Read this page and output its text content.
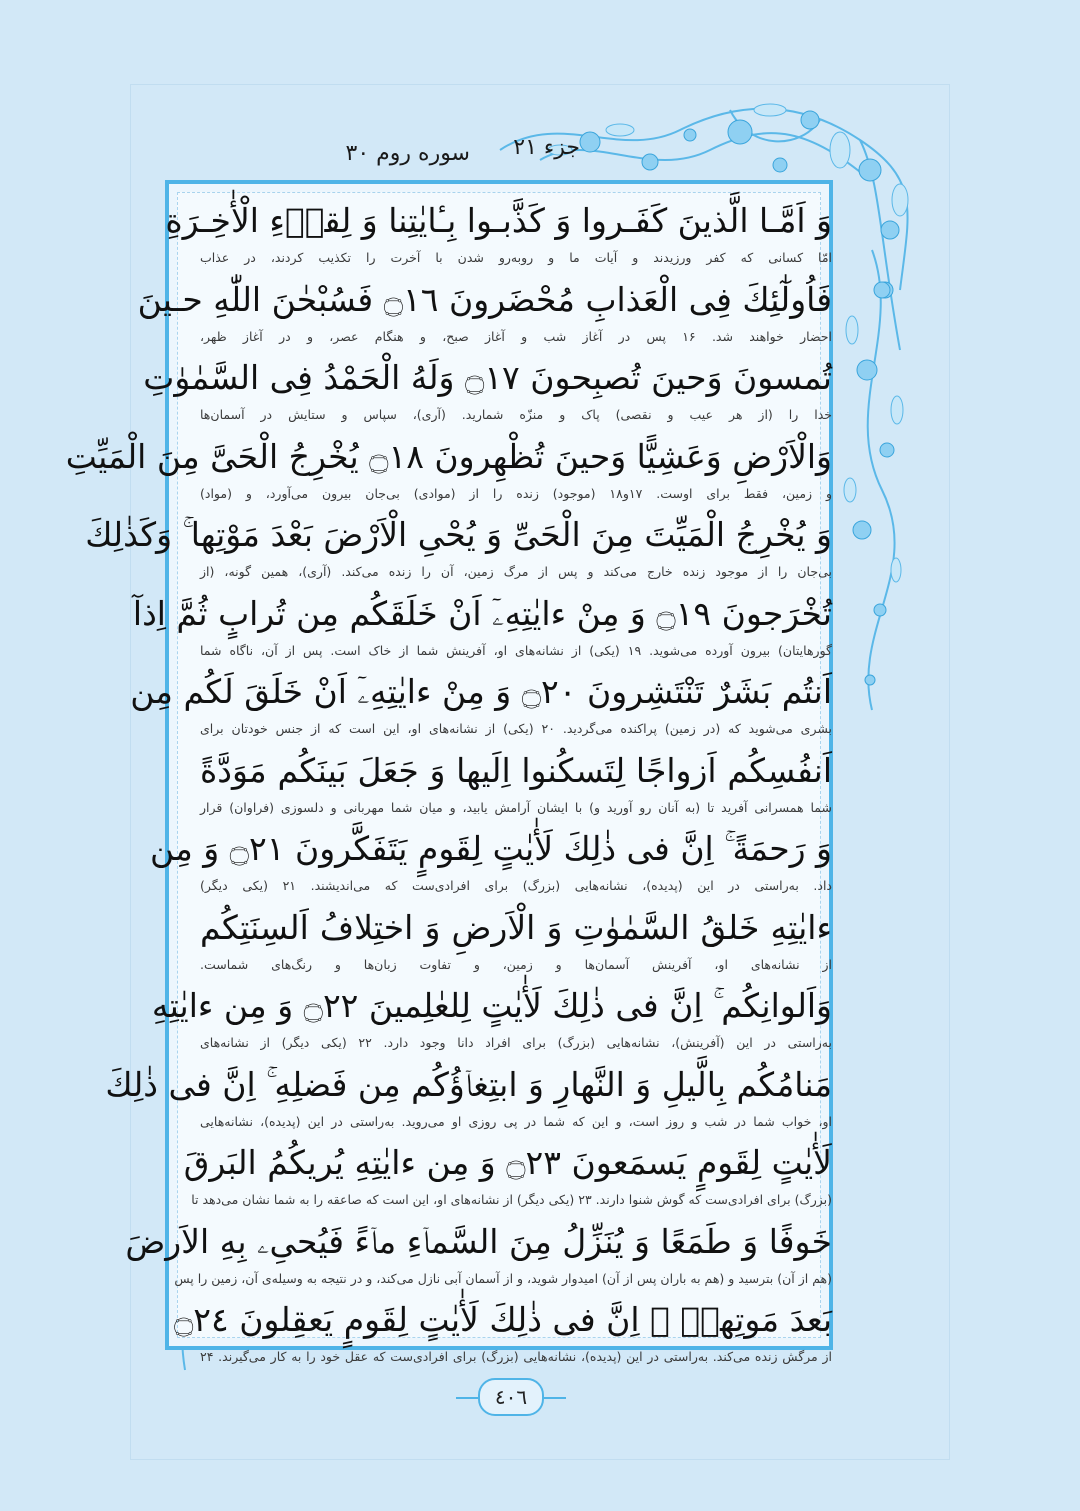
جزء ۲۱
سوره روم ۳۰
وَ اَمَّـا الَّذينَ كَفَـروا وَ كَذَّبـوا بِـٔايٰتِنا وَ لِقاۤءِ الْأٰخِـرَةِ
امّا کسانی که کفر ورزیدند و آیات ما و روبه‌رو شدن با آخرت را تکذیب کردند، در عذاب
فَاُولٰٓئِكَ فِى الْعَذابِ مُحْضَرونَ ۝١٦ فَسُبْحٰنَ اللّٰهِ حـينَ
احضار خواهند شد. ۱۶ پس در آغاز شب و آغاز صبح، و هنگام عصر، و در آغاز ظهر،
تُمسونَ وَحينَ تُصبِحونَ ۝١٧ وَلَهُ الْحَمْدُ فِى السَّمٰوٰتِ
خدا را (از هر عیب و نقصی) پاک و منزّه شمارید. (آری)، سپاس و ستایش در آسمان‌ها
وَالْاَرْضِ وَعَشِيًّا وَحينَ تُظْهِرونَ ۝١٨ يُخْرِجُ الْحَىَّ مِنَ الْمَيِّتِ
و زمین، فقط برای اوست. ۱۷و۱۸ (موجود) زنده را از (موادی) بی‌جان بیرون می‌آورد، و (مواد)
وَ يُخْرِجُ الْمَيِّتَ مِنَ الْحَىِّ وَ يُحْىِ الْاَرْضَ بَعْدَ مَوْتِها ۚ وَكَذٰلِكَ
بی‌جان را از موجود زنده خارج می‌کند و پس از مرگ زمین، آن را زنده می‌کند. (آری)، همین گونه، (از
تُخْرَجونَ ۝١٩ وَ مِنْ ءايٰتِهِۦٓ اَنْ خَلَقَكُم مِن تُرابٍ ثُمَّ اِذآ
گورهایتان) بیرون آورده می‌شوید. ۱۹ (یکی) از نشانه‌های او، آفرینش شما از خاک است. پس از آن، ناگاه شما
اَنتُم بَشَرٌ تَنْتَشِرونَ ۝٢٠ وَ مِنْ ءايٰتِهِۦٓ اَنْ خَلَقَ لَكُم مِن
بشری می‌شوید که (در زمین) پراکنده می‌گردید. ۲۰ (یکی) از نشانه‌های او، این است که از جنس خودتان برای
اَنفُسِكُم اَزواجًا لِتَسكُنوا اِلَيها وَ جَعَلَ بَينَكُم مَوَدَّةً
شما همسرانی آفرید تا (به آنان رو آورید و) با ایشان آرامش یابید، و میان شما مهربانی و دلسوزی (فراوان) قرار
وَ رَحمَةً ۚ اِنَّ فى ذٰلِكَ لَأٰيٰتٍ لِقَومٍ يَتَفَكَّرونَ ۝٢١ وَ مِن
داد. به‌راستی در این (پدیده)، نشانه‌هایی (بزرگ) برای افرادی‌ست که می‌اندیشند. ۲۱ (یکی دیگر)
ءايٰتِهِ خَلقُ السَّمٰوٰتِ وَ الْاَرضِ وَ اختِلافُ اَلسِنَتِكُم
از نشانه‌های او، آفرینش آسمان‌ها و زمین، و تفاوت زبان‌ها و رنگ‌های شماست.
وَاَلوانِكُم ۚ اِنَّ فى ذٰلِكَ لَأٰيٰتٍ لِلعٰلِمينَ ۝٢٢ وَ مِن ءايٰتِهِ
به‌راستی در این (آفرینش)، نشانه‌هایی (بزرگ) برای افراد دانا وجود دارد. ۲۲ (یکی دیگر) از نشانه‌های
مَنامُكُم بِالَّيلِ وَ النَّهارِ وَ ابتِغاۤؤُكُم مِن فَضلِهِ ۚ اِنَّ فى ذٰلِكَ
او، خواب شما در شب و روز است، و این که شما در پی روزی او می‌روید. به‌راستی در این (پدیده)، نشانه‌هایی
لَأٰيٰتٍ لِقَومٍ يَسمَعونَ ۝٢٣ وَ مِن ءايٰتِهِ يُريكُمُ البَرقَ
(بزرگ) برای افرادی‌ست که گوش شنوا دارند. ۲۳ (یکی دیگر) از نشانه‌های او، این است که صاعقه را به شما نشان می‌دهد تا
خَوفًا وَ طَمَعًا وَ يُنَزِّلُ مِنَ السَّماۤءِ ماۤءً فَيُحىِۦ بِهِ الاَرضَ
(هم از آن) بترسید و (هم به باران پس از آن) امیدوار شوید، و از آسمان آبی نازل می‌کند، و در نتیجه به وسیله‌ی آن، زمین را پس
بَعدَ مَوتِهاۤ ۚ اِنَّ فى ذٰلِكَ لَأٰيٰتٍ لِقَومٍ يَعقِلونَ ۝٢٤
از مرگش زنده می‌کند. به‌راستی در این (پدیده)، نشانه‌هایی (بزرگ) برای افرادی‌ست که عقل خود را به کار می‌گیرند. ۲۴
٤٠٦
